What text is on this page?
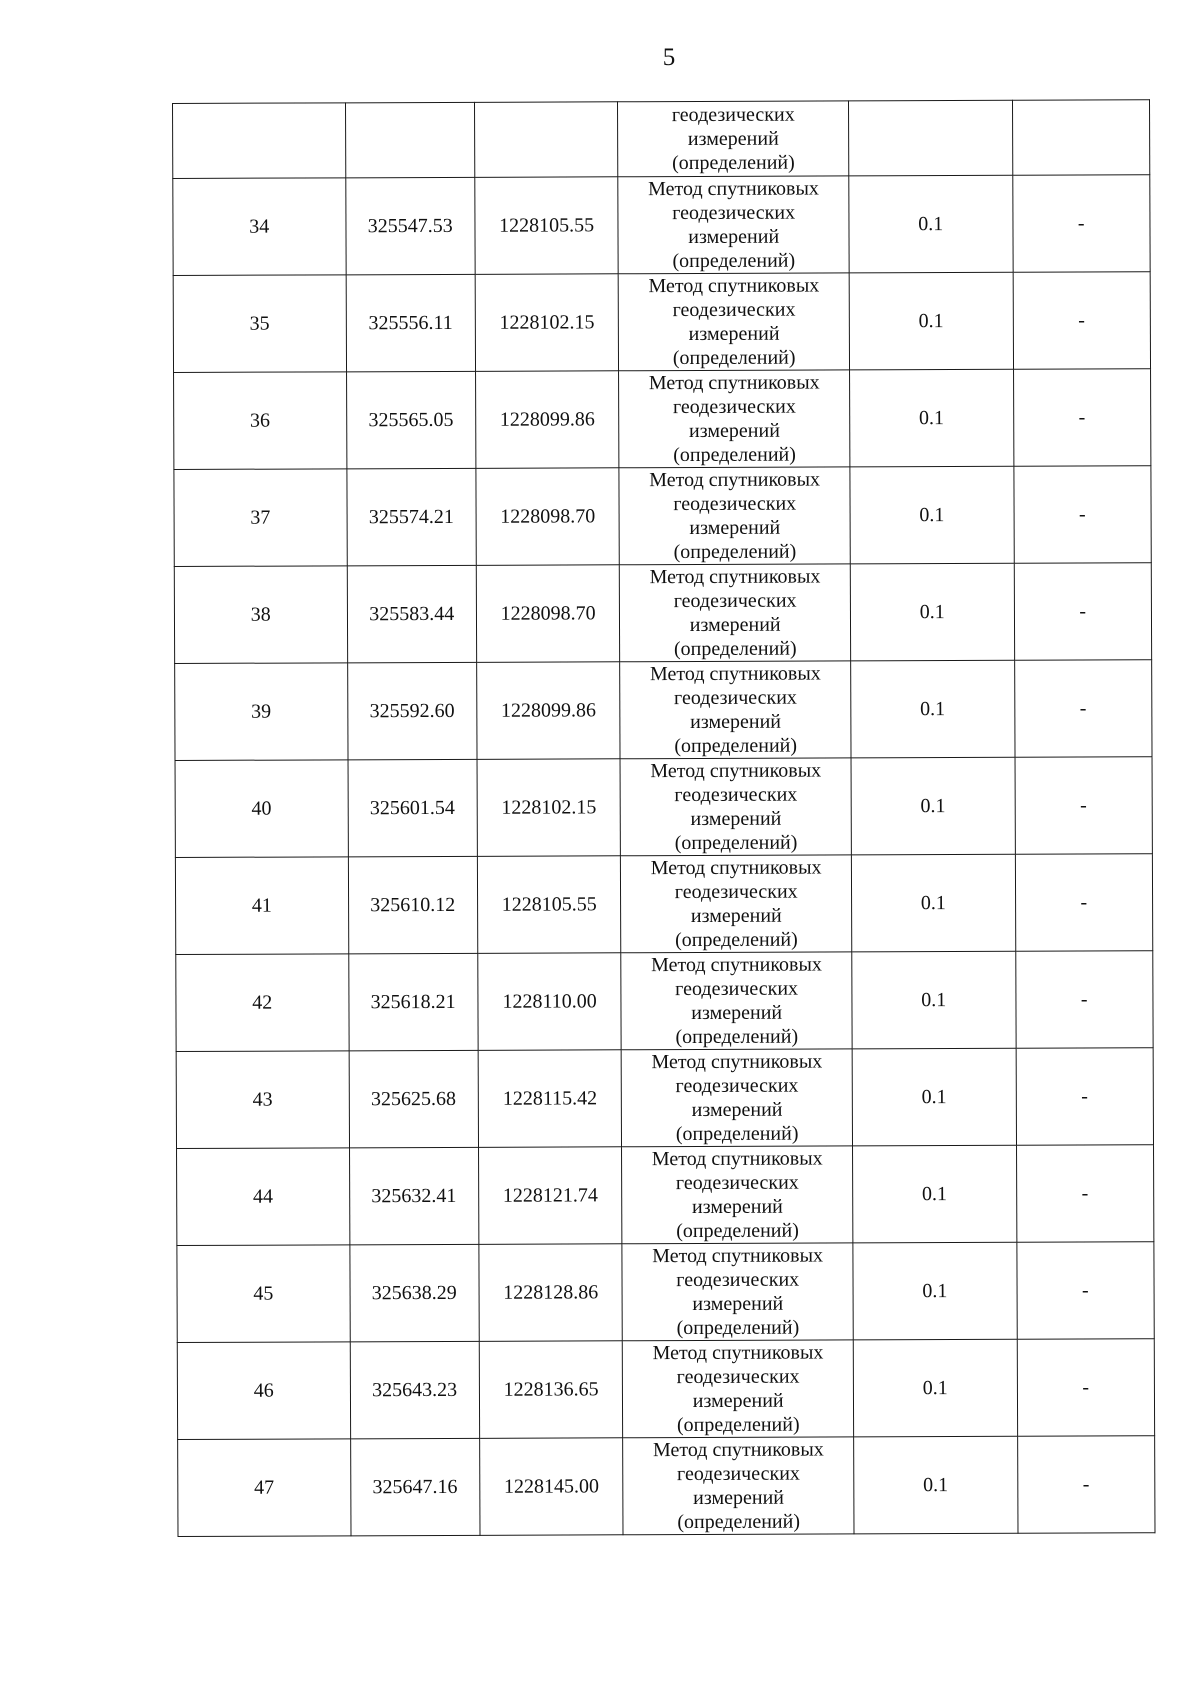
5

			геодезических
измерений
(определений)		

34	325547.53	1228105.55	Метод спутниковых
геодезических
измерений
(определений)	0.1	-
35	325556.11	1228102.15	Метод спутниковых
геодезических
измерений
(определений)	0.1	-
36	325565.05	1228099.86	Метод спутниковых
геодезических
измерений
(определений)	0.1	-
37	325574.21	1228098.70	Метод спутниковых
геодезических
измерений
(определений)	0.1	-
38	325583.44	1228098.70	Метод спутниковых
геодезических
измерений
(определений)	0.1	-
39	325592.60	1228099.86	Метод спутниковых
геодезических
измерений
(определений)	0.1	-
40	325601.54	1228102.15	Метод спутниковых
геодезических
измерений
(определений)	0.1	-
41	325610.12	1228105.55	Метод спутниковых
геодезических
измерений
(определений)	0.1	-
42	325618.21	1228110.00	Метод спутниковых
геодезических
измерений
(определений)	0.1	-
43	325625.68	1228115.42	Метод спутниковых
геодезических
измерений
(определений)	0.1	-
44	325632.41	1228121.74	Метод спутниковых
геодезических
измерений
(определений)	0.1	-
45	325638.29	1228128.86	Метод спутниковых
геодезических
измерений
(определений)	0.1	-
46	325643.23	1228136.65	Метод спутниковых
геодезических
измерений
(определений)	0.1	-
47	325647.16	1228145.00	Метод спутниковых
геодезических
измерений
(определений)	0.1	-
